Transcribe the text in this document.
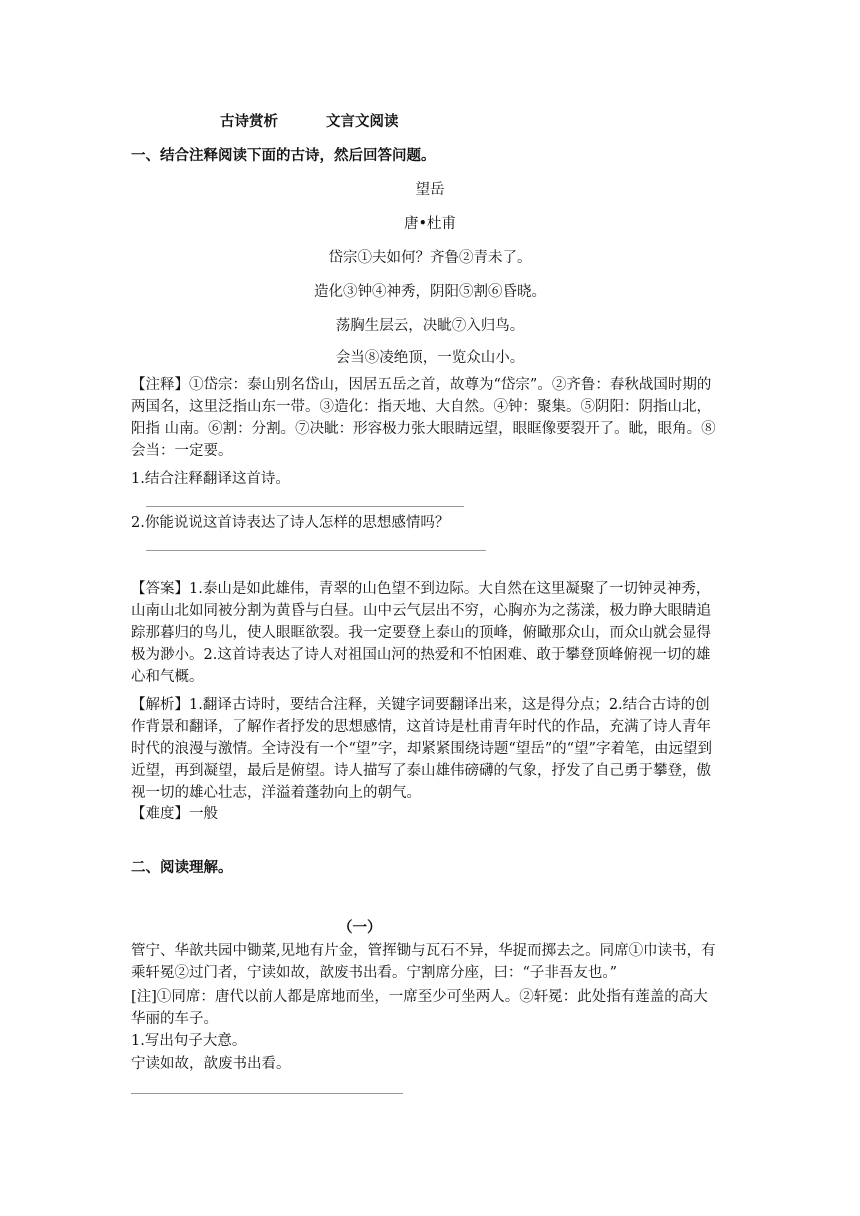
古诗赏析	文言文阅读
一、结合注释阅读下面的古诗，然后回答问题。
望岳
唐•杜甫
岱宗①夫如何？齐鲁②青未了。
造化③钟④神秀，阴阳⑤割⑥昏晓。
荡胸生层云，决眦⑦入归鸟。
会当⑧凌绝顶，一览众山小。
【注释】①岱宗：泰山别名岱山，因居五岳之首，故尊为“岱宗”。②齐鲁：春秋战国时期的两国名，这里泛指山东一带。③造化：指天地、大自然。④钟：聚集。⑤阴阳：阴指山北，阳指 山南。⑥割：分割。⑦决眦：形容极力张大眼睛远望，眼眶像要裂开了。眦，眼角。⑧会当：一定要。
1.结合注释翻译这首诗。
2.你能说说这首诗表达了诗人怎样的思想感情吗？
【答案】1.泰山是如此雄伟，青翠的山色望不到边际。大自然在这里凝聚了一切钟灵神秀，山南山北如同被分割为黄昏与白昼。山中云气层出不穷，心胸亦为之荡漾，极力睁大眼睛追踪那暮归的鸟儿，使人眼眶欲裂。我一定要登上泰山的顶峰，俯瞰那众山，而众山就会显得极为渺小。2.这首诗表达了诗人对祖国山河的热爱和不怕困难、敢于攀登顶峰俯视一切的雄心和气概。
【解析】1.翻译古诗时，要结合注释，关键字词要翻译出来，这是得分点；2.结合古诗的创作背景和翻译，了解作者抒发的思想感情，这首诗是杜甫青年时代的作品，充满了诗人青年时代的浪漫与激情。全诗没有一个“望”字，却紧紧围绕诗题“望岳”的“望”字着笔，由远望到近望，再到凝望，最后是俯望。诗人描写了泰山雄伟磅礴的气象，抒发了自己勇于攀登，傲视一切的雄心壮志，洋溢着蓬勃向上的朝气。
【难度】一般
二、阅读理解。
（一）
管宁、华歆共园中锄菜,见地有片金，管挥锄与瓦石不异，华捉而掷去之。同席①巾读书，有乘轩冕②过门者，宁读如故，歆废书出看。宁割席分座，曰：“子非吾友也。”
[注]①同席：唐代以前人都是席地而坐，一席至少可坐两人。②轩冕：此处指有莲盖的高大华丽的车子。
1.写出句子大意。
宁读如故，歆废书出看。
